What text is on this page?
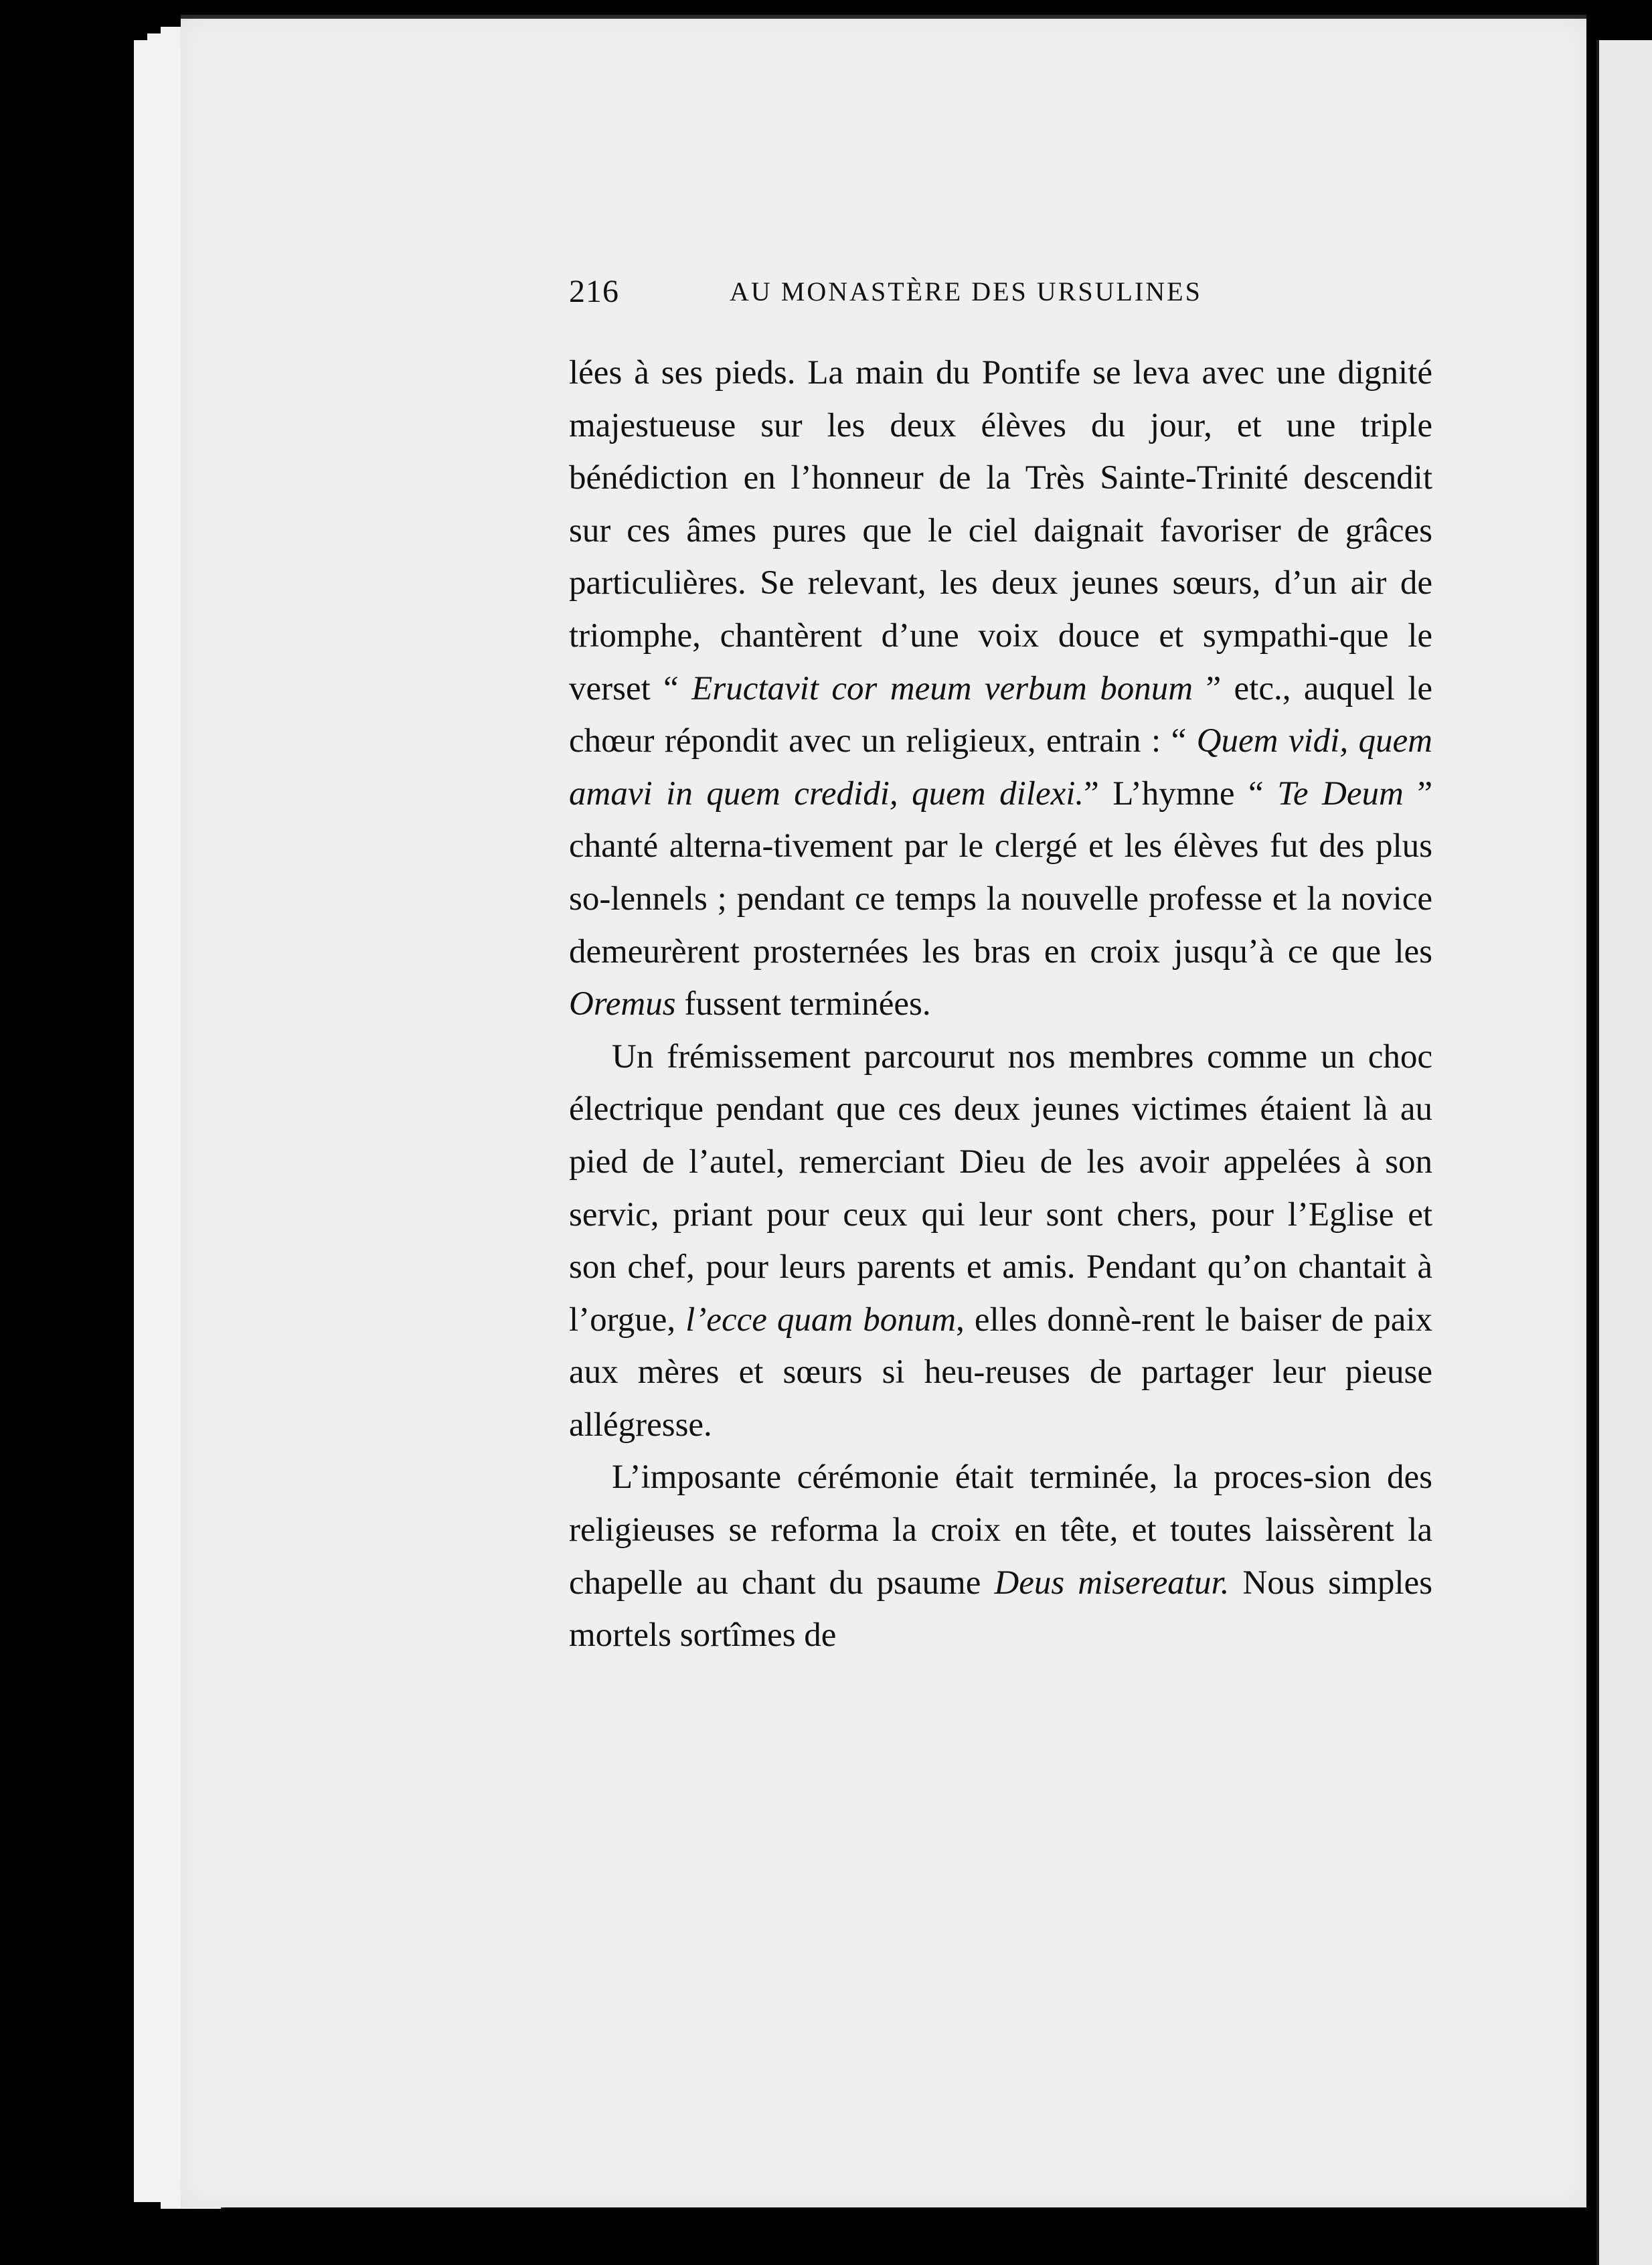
216	AU MONASTÈRE DES URSULINES

lées à ses pieds. La main du Pontife se leva avec une dignité majestueuse sur les deux élèves du jour, et une triple bénédiction en l’honneur de la Très Sainte-Trinité descendit sur ces âmes pures que le ciel daignait favoriser de grâces particulières. Se relevant, les deux jeunes sœurs, d’un air de triomphe, chantèrent d’une voix douce et sympathi-que le verset “ Eructavit cor meum verbum bonum ” etc., auquel le chœur répondit avec un religieux, entrain : “ Quem vidi, quem amavi in quem credidi, quem dilexi.” L’hymne “ Te Deum ” chanté alterna-tivement par le clergé et les élèves fut des plus so-lennels ; pendant ce temps la nouvelle professe et la novice demeurèrent prosternées les bras en croix jusqu’à ce que les Oremus fussent terminées.

Un frémissement parcourut nos membres comme un choc électrique pendant que ces deux jeunes victimes étaient là au pied de l’autel, remerciant Dieu de les avoir appelées à son servic, priant pour ceux qui leur sont chers, pour l’Eglise et son chef, pour leurs parents et amis. Pendant qu’on chantait à l’orgue, l’ecce quam bonum, elles donnè-rent le baiser de paix aux mères et sœurs si heu-reuses de partager leur pieuse allégresse.

L’imposante cérémonie était terminée, la proces-sion des religieuses se reforma la croix en tête, et toutes laissèrent la chapelle au chant du psaume Deus misereatur. Nous simples mortels sortîmes de
